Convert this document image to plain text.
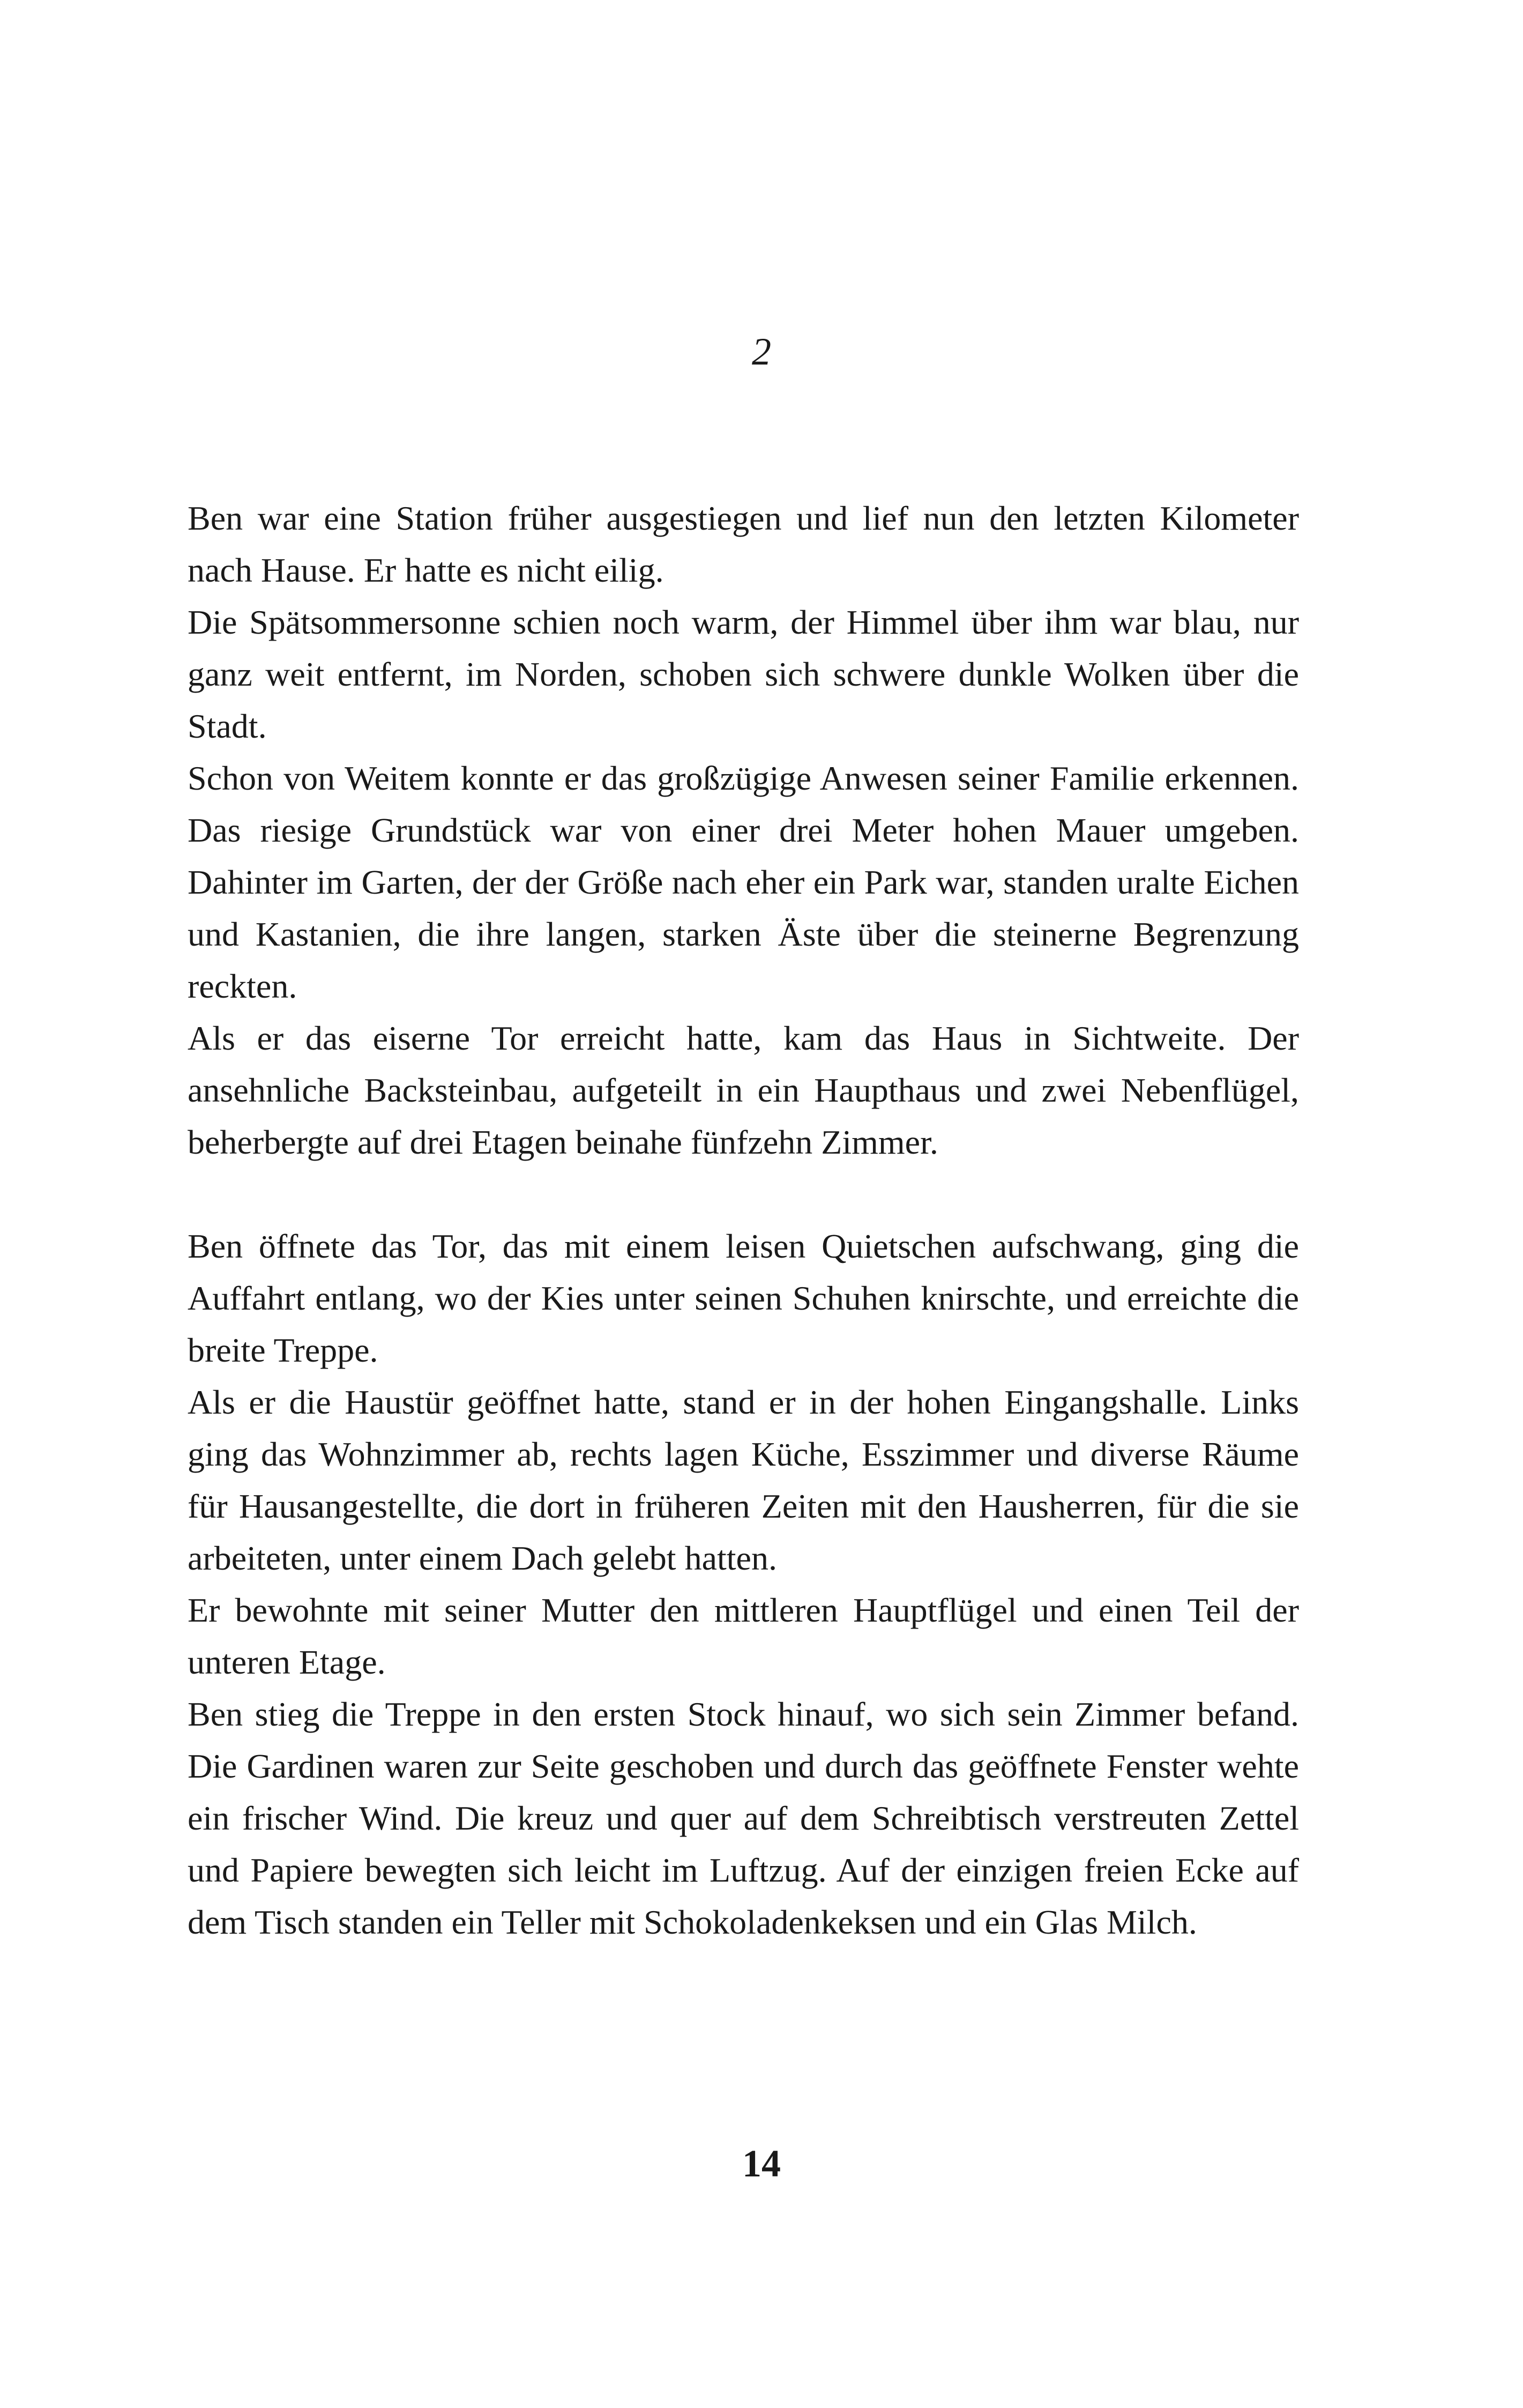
2

Ben war eine Station früher ausgestiegen und lief nun den letzten Kilometer nach Hause. Er hatte es nicht eilig.

Die Spätsommersonne schien noch warm, der Himmel über ihm war blau, nur ganz weit entfernt, im Norden, schoben sich schwere dunkle Wolken über die Stadt.

Schon von Weitem konnte er das großzügige Anwesen seiner Familie erkennen. Das riesige Grundstück war von einer drei Meter hohen Mauer umgeben. Dahinter im Garten, der der Größe nach eher ein Park war, standen uralte Eichen und Kastanien, die ihre langen, starken Äste über die steinerne Begrenzung reckten.

Als er das eiserne Tor erreicht hatte, kam das Haus in Sichtweite. Der ansehnliche Backsteinbau, aufgeteilt in ein Haupthaus und zwei Nebenflügel, beherbergte auf drei Etagen beinahe fünfzehn Zimmer.

Ben öffnete das Tor, das mit einem leisen Quietschen aufschwang, ging die Auffahrt entlang, wo der Kies unter seinen Schuhen knirschte, und erreichte die breite Treppe.

Als er die Haustür geöffnet hatte, stand er in der hohen Eingangshalle. Links ging das Wohnzimmer ab, rechts lagen Küche, Esszimmer und diverse Räume für Hausangestellte, die dort in früheren Zeiten mit den Hausherren, für die sie arbeiteten, unter einem Dach gelebt hatten.

Er bewohnte mit seiner Mutter den mittleren Hauptflügel und einen Teil der unteren Etage.

Ben stieg die Treppe in den ersten Stock hinauf, wo sich sein Zimmer befand. Die Gardinen waren zur Seite geschoben und durch das geöffnete Fenster wehte ein frischer Wind. Die kreuz und quer auf dem Schreibtisch verstreuten Zettel und Papiere bewegten sich leicht im Luftzug. Auf der einzigen freien Ecke auf dem Tisch standen ein Teller mit Schokoladenkeksen und ein Glas Milch.

14
